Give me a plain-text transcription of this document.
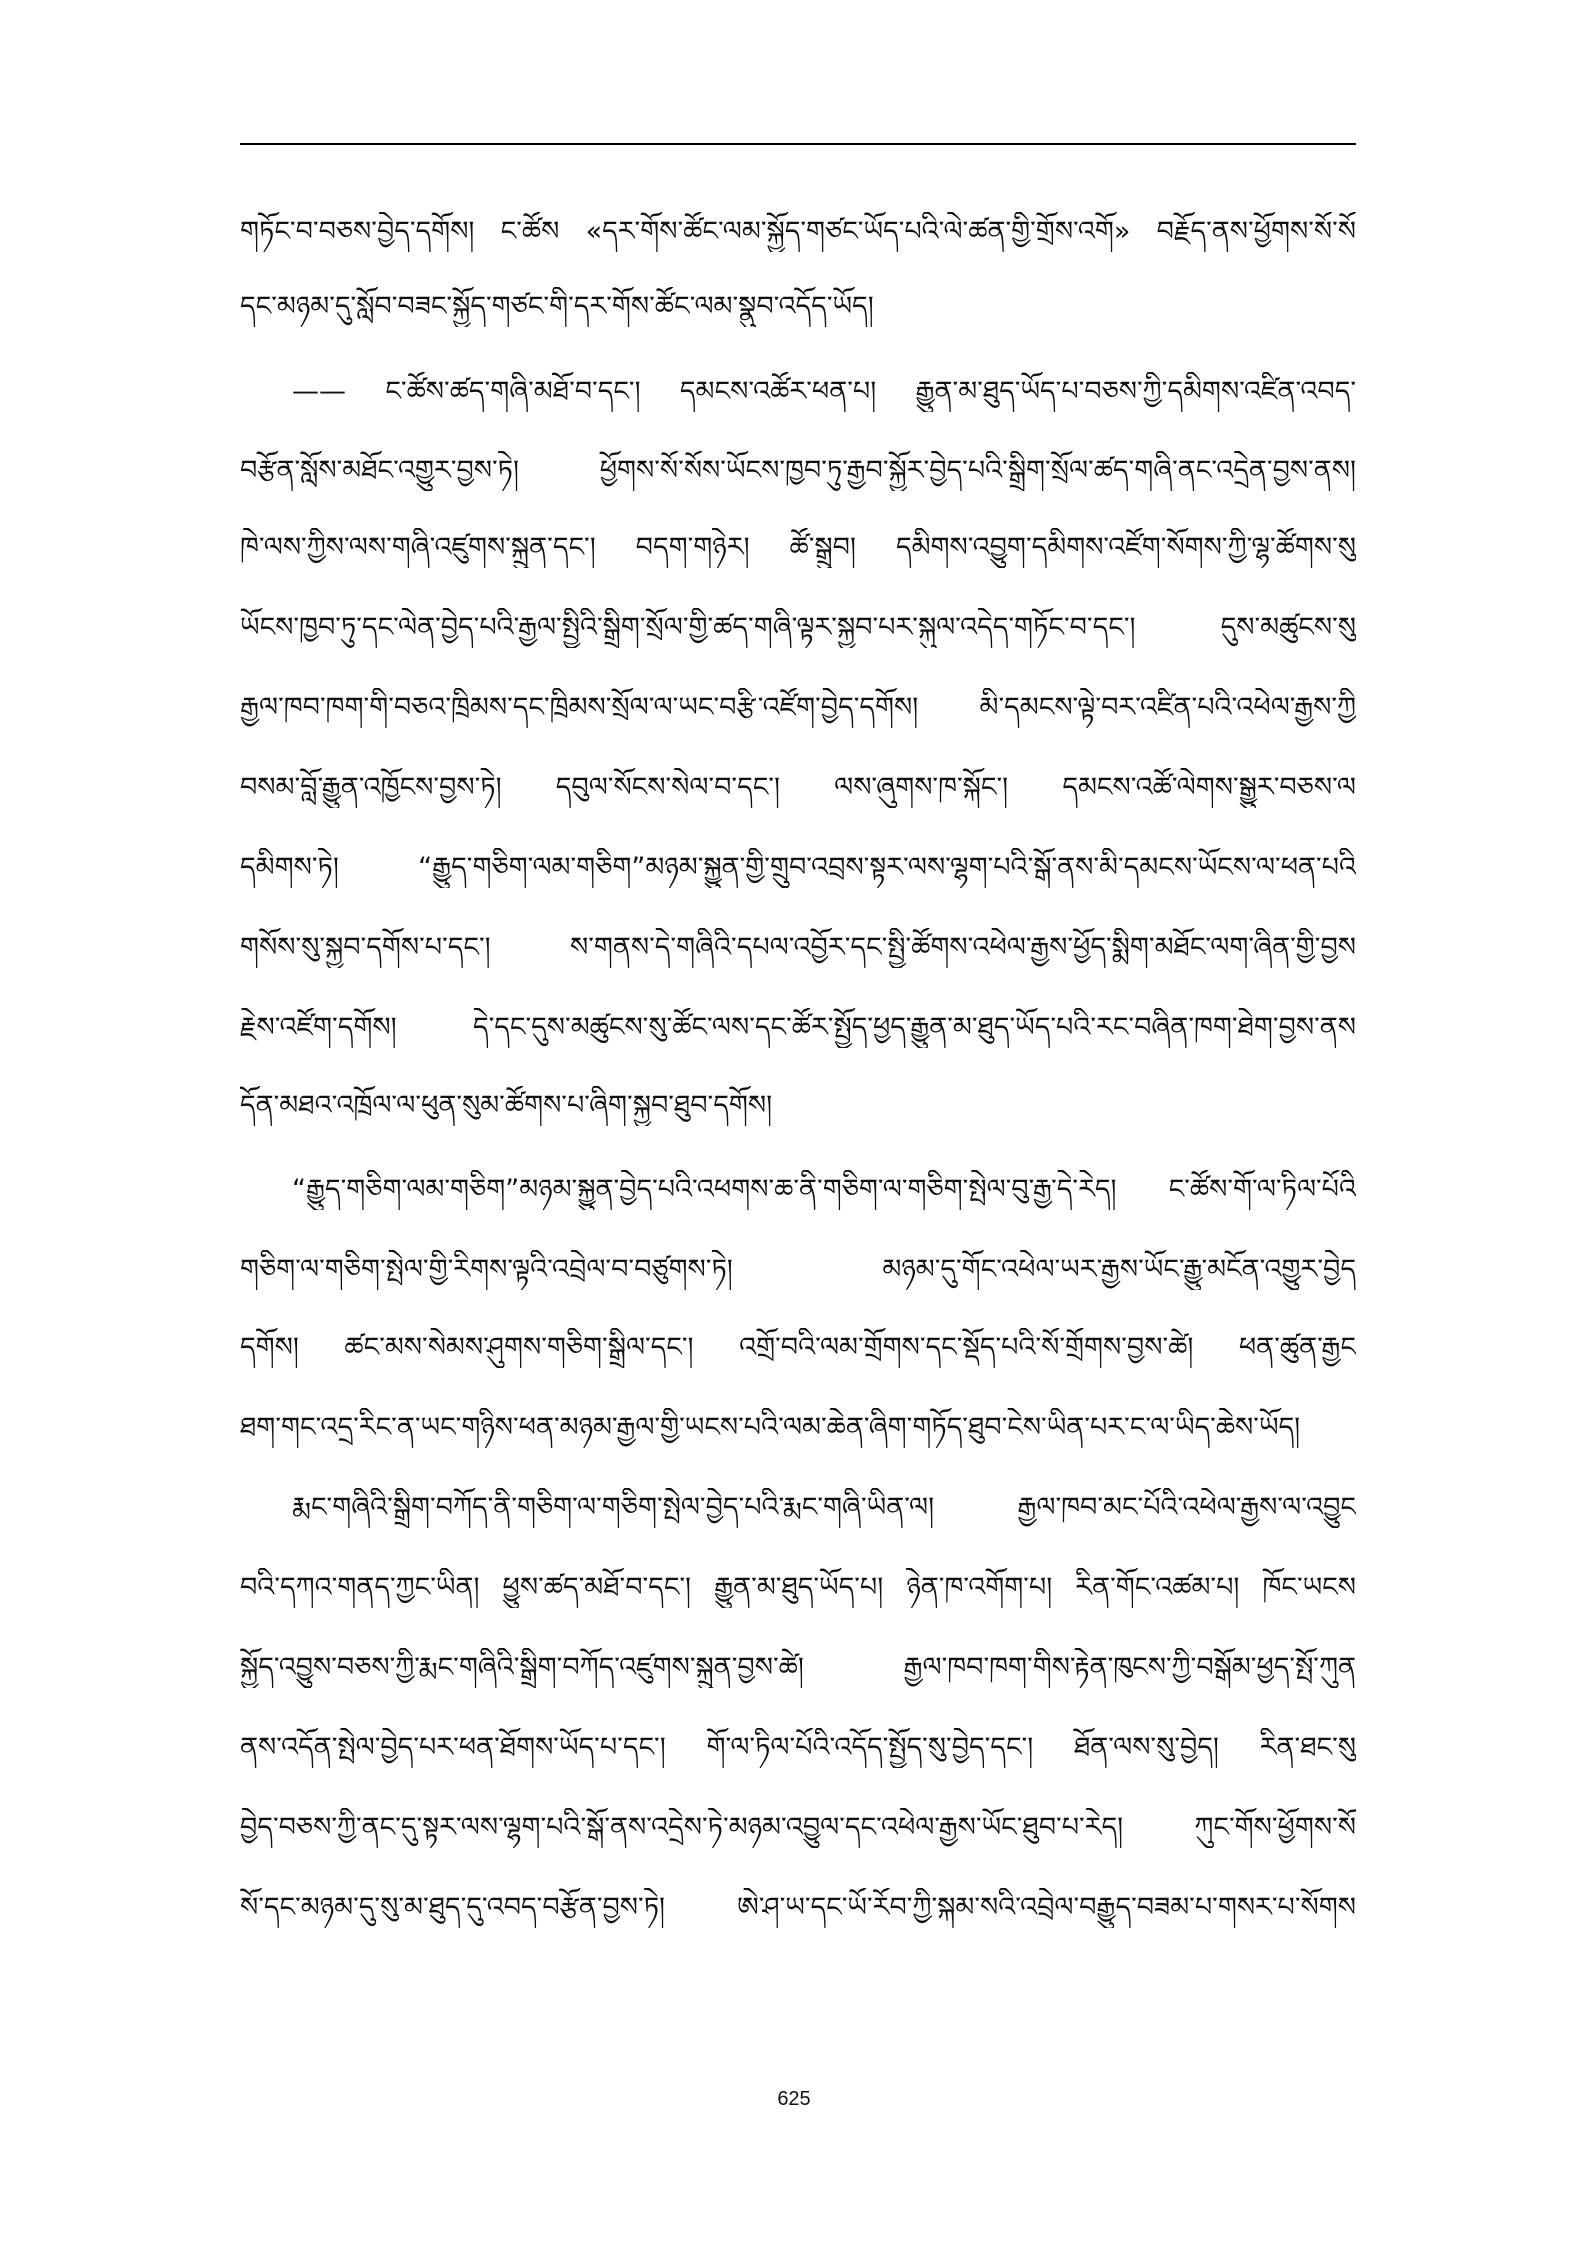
གཏོང་བ་བཅས་བྱེད་དགོས། ང་ཚོས «དར་གོས་ཚོང་ལམ་སྐྱོད་གཙང་ཡོད་པའི་ལེ་ཚན་གྱི་གྲོས་འགོ» བརྗོད་ནས་ཕྱོགས་སོ་སོ
དང་མཉམ་དུ་སློབ་བཟང་སྐྱོད་གཙང་གི་དར་གོས་ཚོང་ལམ་སྣུབ་འདོད་ཡོད།
—— ང་ཚོས་ཚད་གཞི་མཐོ་བ་དང་། དམངས་འཚོར་ཕན་པ། རྒྱུན་མ་ཐུད་ཡོད་པ་བཅས་ཀྱི་དམིགས་འཛིན་འབད་
བརྩོན་སློས་མཐོང་འགྱུར་བྱས་ཏེ། ཕྱོགས་སོ་སོས་ཡོངས་ཁྱབ་ཏུ་རྒྱབ་སྐྱོར་བྱེད་པའི་སྒྲིག་སྲོལ་ཚད་གཞི་ནང་འདྲེན་བྱས་ནས།
ཁེ་ལས་ཀྱིས་ལས་གཞི་འཛུགས་སྐྲུན་དང་། བདག་གཉེར། ཚོ་སྒྲུབ། དམིགས་འབྱུག་དམིགས་འཛོག་སོགས་ཀྱི་ལྷ་ཚོགས་སུ
ཡོངས་ཁྱབ་ཏུ་དང་ལེན་བྱེད་པའི་རྒྱལ་སྤྱིའི་སྒྲིག་སྲོལ་གྱི་ཚད་གཞི་ལྟར་སྐྱབ་པར་སྐུལ་འདེད་གཏོང་བ་དང་། དུས་མཚུངས་སུ
རྒྱལ་ཁབ་ཁག་གི་བཅའ་ཁྲིམས་དང་ཁྲིམས་སྲོལ་ལ་ཡང་བརྩི་འཛོག་བྱེད་དགོས། མི་དམངས་ལྟེ་བར་འཛིན་པའི་འཕེལ་རྒྱས་ཀྱི
བསམ་བློ་རྒྱུན་འཁྱོངས་བྱས་ཏེ། དབུལ་སོངས་སེལ་བ་དང་། ལས་ཞུགས་ཁ་སྐོང་། དམངས་འཚོ་ལེགས་སྒྱུར་བཅས་ལ
དམིགས་ཏེ། “རྒྱུད་གཅིག་ལམ་གཅིག”མཉམ་སྐྱུན་གྱི་གྲུབ་འབྲས་སྟར་ལས་ལྷག་པའི་སྒོ་ནས་མི་དམངས་ཡོངས་ལ་ཕན་པའི
གསོས་སུ་སྐྱབ་དགོས་པ་དང་། ས་གནས་དེ་གཞིའི་དཔལ་འབྱོར་དང་སྤྱི་ཚོགས་འཕེལ་རྒྱས་ཕྱོད་སྨིག་མཐོང་ལག་ཞིན་གྱི་བྱས
རྗེས་འཛོག་དགོས། དེ་དང་དུས་མཚུངས་སུ་ཚོང་ལས་དང་ཚོར་སྤྱོད་ཕྱད་རྒྱུན་མ་ཐུད་ཡོད་པའི་རང་བཞིན་ཁག་ཐེག་བྱས་ནས
དོན་མཐའ་འཁྲོལ་ལ་ཕུན་སུམ་ཚོགས་པ་ཞིག་སྐྱབ་ཐུབ་དགོས།
“རྒྱུད་གཅིག་ལམ་གཅིག”མཉམ་སྐྱུན་བྱེད་པའི་འཕགས་ཆ་ནི་གཅིག་ལ་གཅིག་སྤེལ་བུ་རྒྱ་དེ་རེད། ང་ཚོས་གོ་ལ་ཏིལ་པོའི
གཅིག་ལ་གཅིག་སྤེལ་གྱི་རིགས་ལྟའི་འབྲེལ་བ་བཙུགས་ཏེ། མཉམ་དུ་གོང་འཕེལ་ཡར་རྒྱས་ཡོང་རྒྱུ་མངོན་འགྱུར་བྱེད
དགོས། ཚང་མས་སེམས་ཤུགས་གཅིག་སྒྲིལ་དང་། འགྲོ་བའི་ལམ་གྲོགས་དང་སྡོད་པའི་སོ་གྲོགས་བྱས་ཚེ། ཕན་ཚུན་རྒྱང
ཐག་གང་འདྲ་རིང་ན་ཡང་གཉིས་ཕན་མཉམ་རྒྱལ་གྱི་ཡངས་པའི་ལམ་ཆེན་ཞིག་གཏོད་ཐུབ་ངེས་ཡིན་པར་ང་ལ་ཡིད་ཆེས་ཡོད།
རྨང་གཞིའི་སྒྲིག་བཀོད་ནི་གཅིག་ལ་གཅིག་སྤེལ་བྱེད་པའི་རྨང་གཞི་ཡིན་ལ། རྒྱལ་ཁབ་མང་པོའི་འཕེལ་རྒྱས་ལ་འབྱུང
བའི་དཀའ་གནད་ཀྱང་ཡིན། ཕྱུས་ཚད་མཐོ་བ་དང་། རྒྱུན་མ་ཐུད་ཡོད་པ། ཉེན་ཁ་འགོག་པ། རིན་གོང་འཚམ་པ། ཁོང་ཡངས
སྐྱོད་འབྱུས་བཅས་ཀྱི་རྨང་གཞིའི་སྒྲིག་བཀོད་འཛུགས་སྐྲུན་བྱས་ཚེ། རྒྱལ་ཁབ་ཁག་གིས་རྟེན་ཁུངས་ཀྱི་བསྒོམ་ཕྱད་སྤོ་ཀུན
ནས་འདོན་སྤེལ་བྱེད་པར་ཕན་ཐོགས་ཡོད་པ་དང་། གོ་ལ་ཏིལ་པོའི་འདོད་སྤྱོད་སུ་བྱེད་དང་། ཐོན་ལས་སུ་བྱེད། རིན་ཐང་སུ
བྱེད་བཅས་ཀྱི་ནང་དུ་སྟར་ལས་ལྷག་པའི་སྒོ་ནས་འདྲེས་ཏེ་མཉམ་འབྱུལ་དང་འཕེལ་རྒྱས་ཡོང་ཐུབ་པ་རེད། ཀུང་གོས་ཕྱོགས་སོ
སོ་དང་མཉམ་དུ་སུ་མ་ཐུད་དུ་འབད་བརྩོན་བྱས་ཏེ། ཨེ་ཤ་ཡ་དང་ཡོ་རོབ་ཀྱི་སྐམ་སའི་འབྲེལ་བརྒྱུད་བཟམ་པ་གསར་པ་སོགས
625
